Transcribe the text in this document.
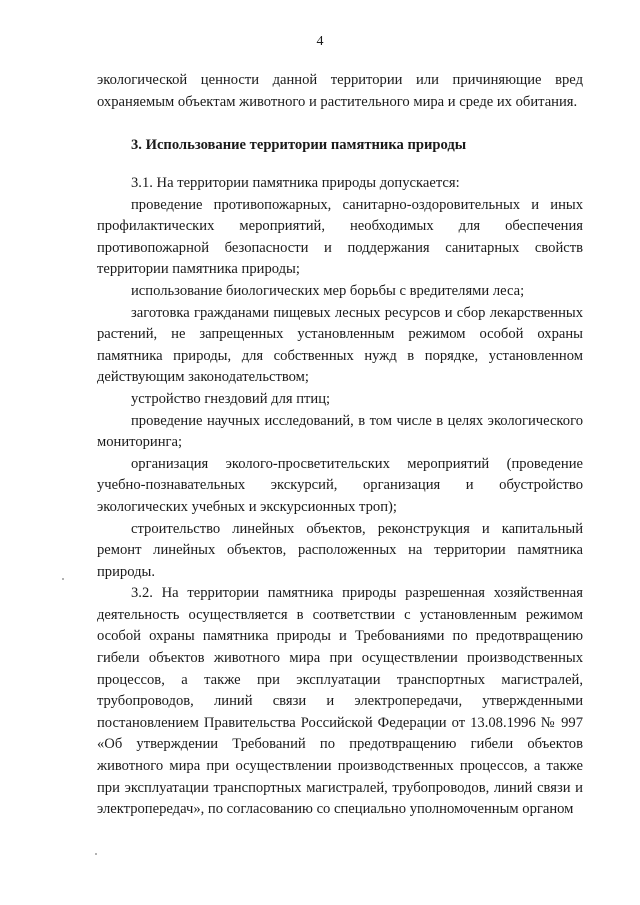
4

экологической ценности данной территории или причиняющие вред охраняемым объектам животного и растительного мира и среде их обитания.

3. Использование территории памятника природы

3.1. На территории памятника природы допускается:

проведение противопожарных, санитарно-оздоровительных и иных профилактических мероприятий, необходимых для обеспечения противопожарной безопасности и поддержания санитарных свойств территории памятника природы;

использование биологических мер борьбы с вредителями леса;

заготовка гражданами пищевых лесных ресурсов и сбор лекарственных растений, не запрещенных установленным режимом особой охраны памятника природы, для собственных нужд в порядке, установленном действующим законодательством;

устройство гнездовий для птиц;

проведение научных исследований, в том числе в целях экологического мониторинга;

организация эколого-просветительских мероприятий (проведение учебно-познавательных экскурсий, организация и обустройство экологических учебных и экскурсионных троп);

строительство линейных объектов, реконструкция и капитальный ремонт линейных объектов, расположенных на территории памятника природы.

3.2. На территории памятника природы разрешенная хозяйственная деятельность осуществляется в соответствии с установленным режимом особой охраны памятника природы и Требованиями по предотвращению гибели объектов животного мира при осуществлении производственных процессов, а также при эксплуатации транспортных магистралей, трубопроводов, линий связи и электропередачи, утвержденными постановлением Правительства Российской Федерации от 13.08.1996 № 997 «Об утверждении Требований по предотвращению гибели объектов животного мира при осуществлении производственных процессов, а также при эксплуатации транспортных магистралей, трубопроводов, линий связи и электропередач», по согласованию со специально уполномоченным органом
